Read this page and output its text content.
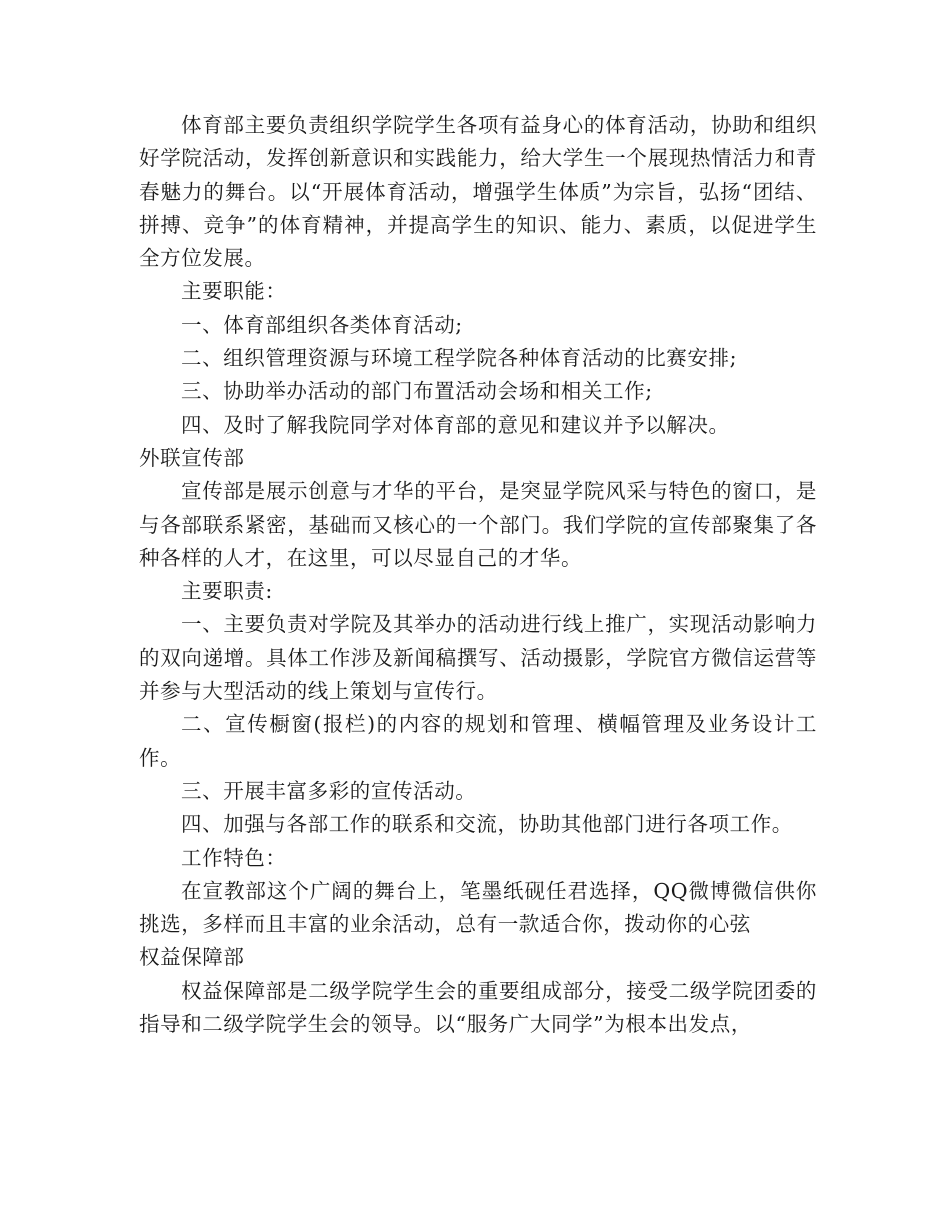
体育部主要负责组织学院学生各项有益身心的体育活动，协助和组织好学院活动，发挥创新意识和实践能力，给大学生一个展现热情活力和青春魅力的舞台。以“开展体育活动，增强学生体质”为宗旨，弘扬“团结、拼搏、竞争”的体育精神，并提高学生的知识、能力、素质，以促进学生全方位发展。

主要职能：

一、体育部组织各类体育活动;

二、组织管理资源与环境工程学院各种体育活动的比赛安排;

三、协助举办活动的部门布置活动会场和相关工作;

四、及时了解我院同学对体育部的意见和建议并予以解决。

外联宣传部

宣传部是展示创意与才华的平台，是突显学院风采与特色的窗口，是与各部联系紧密，基础而又核心的一个部门。我们学院的宣传部聚集了各种各样的人才，在这里，可以尽显自己的才华。

主要职责:

一、主要负责对学院及其举办的活动进行线上推广，实现活动影响力的双向递增。具体工作涉及新闻稿撰写、活动摄影，学院官方微信运营等并参与大型活动的线上策划与宣传行。

二、宣传橱窗(报栏)的内容的规划和管理、横幅管理及业务设计工作。

三、开展丰富多彩的宣传活动。

四、加强与各部工作的联系和交流，协助其他部门进行各项工作。

工作特色：

在宣教部这个广阔的舞台上，笔墨纸砚任君选择，QQ微博微信供你挑选，多样而且丰富的业余活动，总有一款适合你，拨动你的心弦

权益保障部

权益保障部是二级学院学生会的重要组成部分，接受二级学院团委的指导和二级学院学生会的领导。以“服务广大同学”为根本出发点，
